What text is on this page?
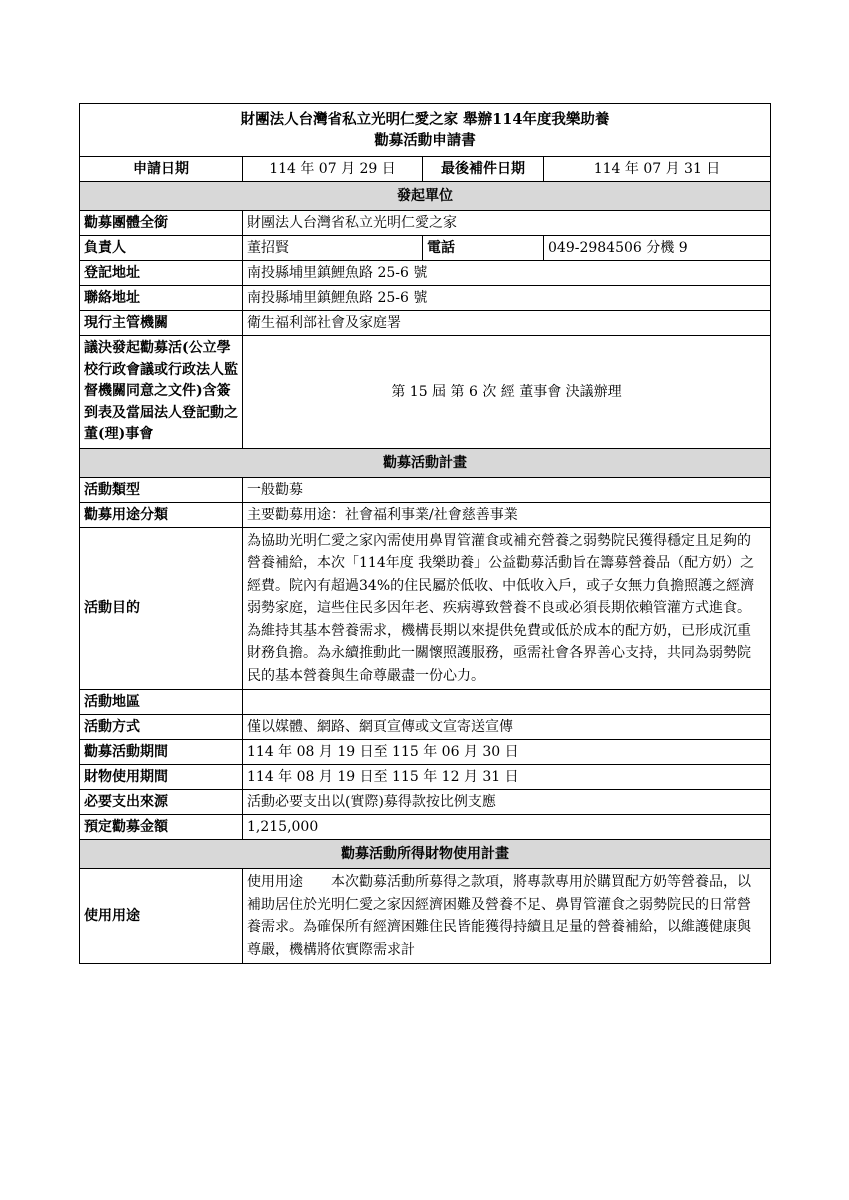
財團法人台灣省私立光明仁愛之家 舉辦114年度我樂助養
勸募活動申請書			

申請日期	114 年 07 月 29 日	最後補件日期	114 年 07 月 31 日
發起單位			
勸募團體全銜	財團法人台灣省私立光明仁愛之家		
負責人	董招賢	電話	049-2984506 分機 9
登記地址	南投縣埔里鎮鯉魚路 25-6 號		
聯絡地址	南投縣埔里鎮鯉魚路 25-6 號		
現行主管機關	衛生福利部社會及家庭署		
議決發起勸募活(公立學校行政會議或行政法人監督機關同意之文件)含簽到表及當屆法人登記動之董(理)事會	第 15 屆 第 6 次 經 董事會 決議辦理		
勸募活動計畫			
活動類型	一般勸募		
勸募用途分類	主要勸募用途：社會福利事業/社會慈善事業		
活動目的	為協助光明仁愛之家內需使用鼻胃管灌食或補充營養之弱勢院民獲得穩定且足夠的營養補給，本次「114年度 我樂助養」公益勸募活動旨在籌募營養品（配方奶）之經費。院內有超過34%的住民屬於低收、中低收入戶，或子女無力負擔照護之經濟弱勢家庭，這些住民多因年老、疾病導致營養不良或必須長期依賴管灌方式進食。為維持其基本營養需求，機構長期以來提供免費或低於成本的配方奶，已形成沉重財務負擔。為永續推動此一關懷照護服務，亟需社會各界善心支持，共同為弱勢院民的基本營養與生命尊嚴盡一份心力。		
活動地區			
活動方式	僅以媒體、網路、網頁宣傳或文宣寄送宣傳		
勸募活動期間	114 年 08 月 19 日至 115 年 06 月 30 日		
財物使用期間	114 年 08 月 19 日至 115 年 12 月 31 日		
必要支出來源	活動必要支出以(實際)募得款按比例支應		
預定勸募金額	1,215,000		
勸募活動所得財物使用計畫			
使用用途	使用用途　　本次勸募活動所募得之款項，將專款專用於購買配方奶等營養品，以補助居住於光明仁愛之家因經濟困難及營養不足、鼻胃管灌食之弱勢院民的日常營養需求。為確保所有經濟困難住民皆能獲得持續且足量的營養補給，以維護健康與尊嚴，機構將依實際需求計		
